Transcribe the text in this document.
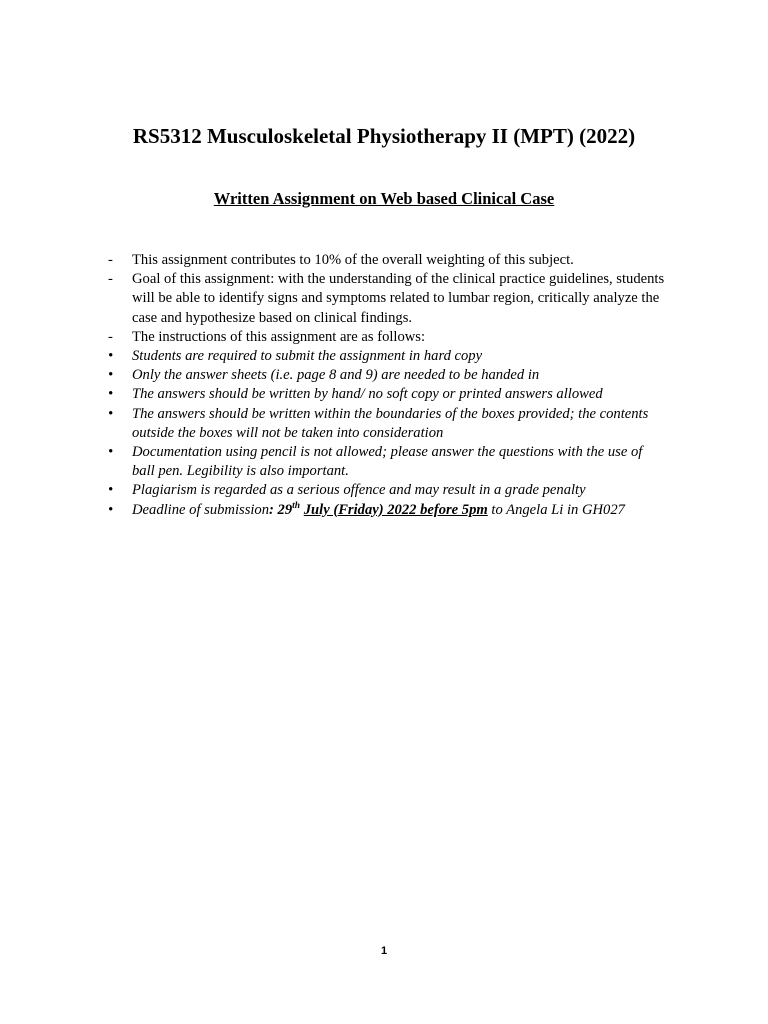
RS5312 Musculoskeletal Physiotherapy II (MPT) (2022)
Written Assignment on Web based Clinical Case
-	This assignment contributes to 10% of the overall weighting of this subject.
-	Goal of this assignment: with the understanding of the clinical practice guidelines, students will be able to identify signs and symptoms related to lumbar region, critically analyze the case and hypothesize based on clinical findings.
-	The instructions of this assignment are as follows:
•	Students are required to submit the assignment in hard copy
•	Only the answer sheets (i.e. page 8 and 9) are needed to be handed in
•	The answers should be written by hand/ no soft copy or printed answers allowed
•	The answers should be written within the boundaries of the boxes provided; the contents outside the boxes will not be taken into consideration
•	Documentation using pencil is not allowed; please answer the questions with the use of ball pen. Legibility is also important.
•	Plagiarism is regarded as a serious offence and may result in a grade penalty
•	Deadline of submission: 29th July (Friday) 2022 before 5pm to Angela Li in GH027
1
